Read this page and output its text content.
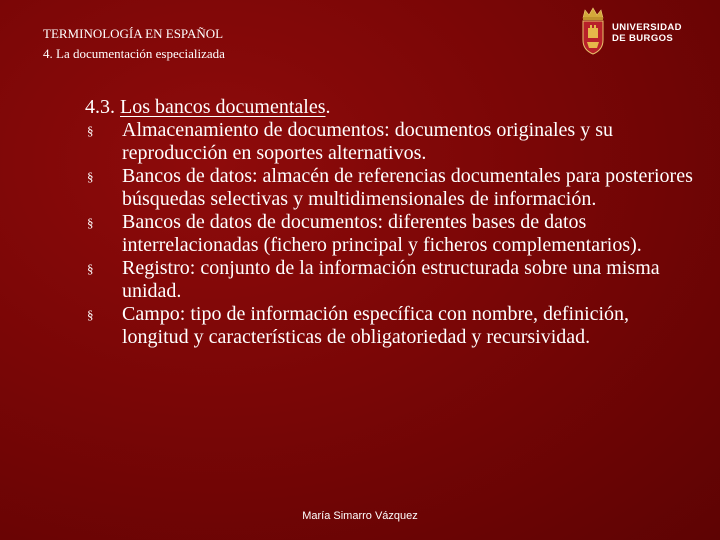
TERMINOLOGÍA EN ESPAÑOL
4. La documentación especializada
UNIVERSIDAD
DE BURGOS

4.3. Los bancos documentales.

§ Almacenamiento de documentos: documentos originales y su reproducción en soportes alternativos.
§ Bancos de datos: almacén de referencias documentales para posteriores búsquedas selectivas y multidimensionales de información.
§ Bancos de datos de documentos: diferentes bases de datos interrelacionadas (fichero principal y ficheros complementarios).
§ Registro: conjunto de la información estructurada sobre una misma unidad.
§ Campo: tipo de información específica con nombre, definición, longitud y características de obligatoriedad y recursividad.
María Simarro Vázquez
